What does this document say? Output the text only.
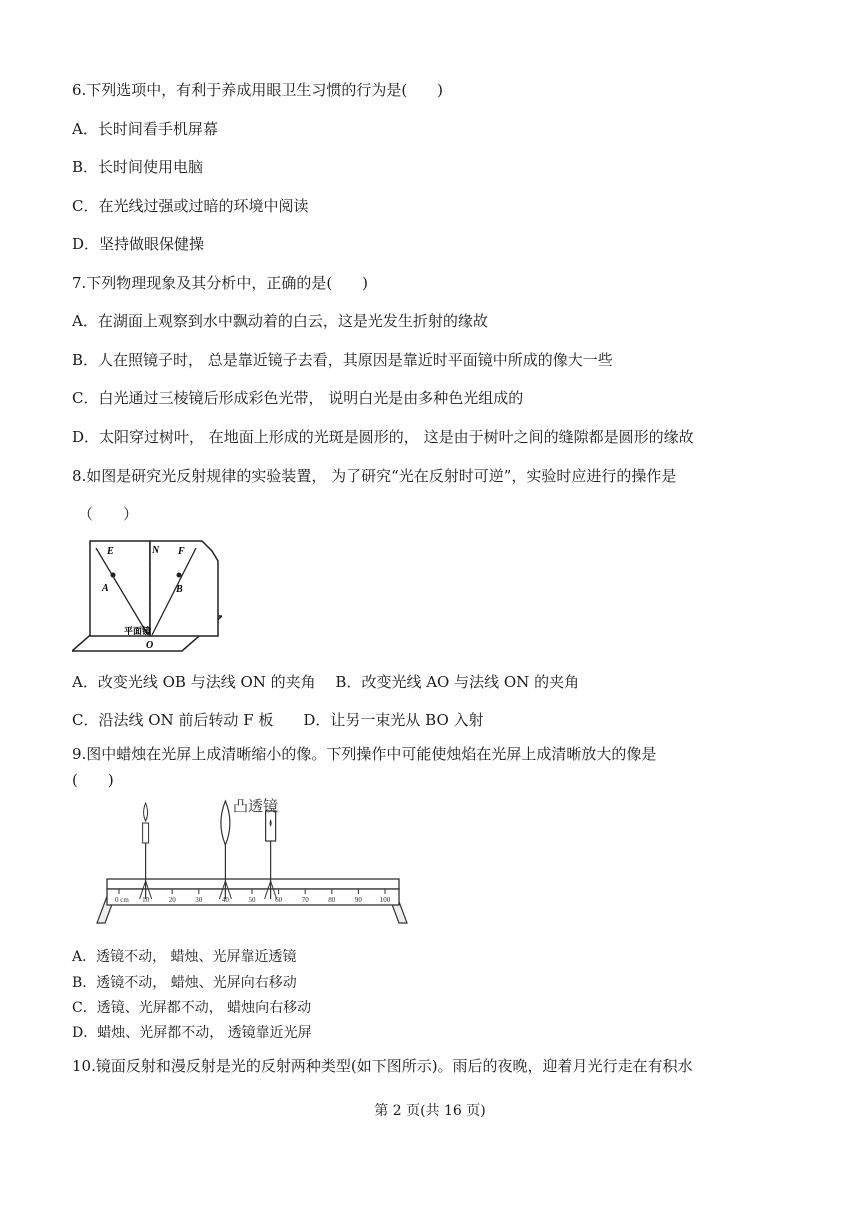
6.下列选项中，有利于养成用眼卫生习惯的行为是(　　)
A．长时间看手机屏幕
B．长时间使用电脑
C．在光线过强或过暗的环境中阅读
D．坚持做眼保健操
7.下列物理现象及其分析中，正确的是(　　)
A．在湖面上观察到水中飘动着的白云，这是光发生折射的缘故
B．人在照镜子时， 总是靠近镜子去看，其原因是靠近时平面镜中所成的像大一些
C．白光通过三棱镜后形成彩色光带， 说明白光是由多种色光组成的
D．太阳穿过树叶， 在地面上形成的光斑是圆形的， 这是由于树叶之间的缝隙都是圆形的缘故
8.如图是研究光反射规律的实验装置， 为了研究“光在反射时可逆”，实验时应进行的操作是
（　　）
E	N F
A	B
O
平面镜
A．改变光线 OB 与法线 ON 的夹角　 B．改变光线 AO 与法线 ON 的夹角
C．沿法线 ON 前后转动 F 板　　D．让另一束光从 BO 入射
9.图中蜡烛在光屏上成清晰缩小的像。下列操作中可能使烛焰在光屏上成清晰放大的像是
(　　)
0 cm 10	20	30	40	50	60	70	80	90	100
凸透镜
A．透镜不动， 蜡烛、光屏靠近透镜
B．透镜不动， 蜡烛、光屏向右移动
C．透镜、光屏都不动， 蜡烛向右移动
D．蜡烛、光屏都不动， 透镜靠近光屏
10.镜面反射和漫反射是光的反射两种类型(如下图所示)。雨后的夜晚，迎着月光行走在有积水
第 2 页(共 16 页)
